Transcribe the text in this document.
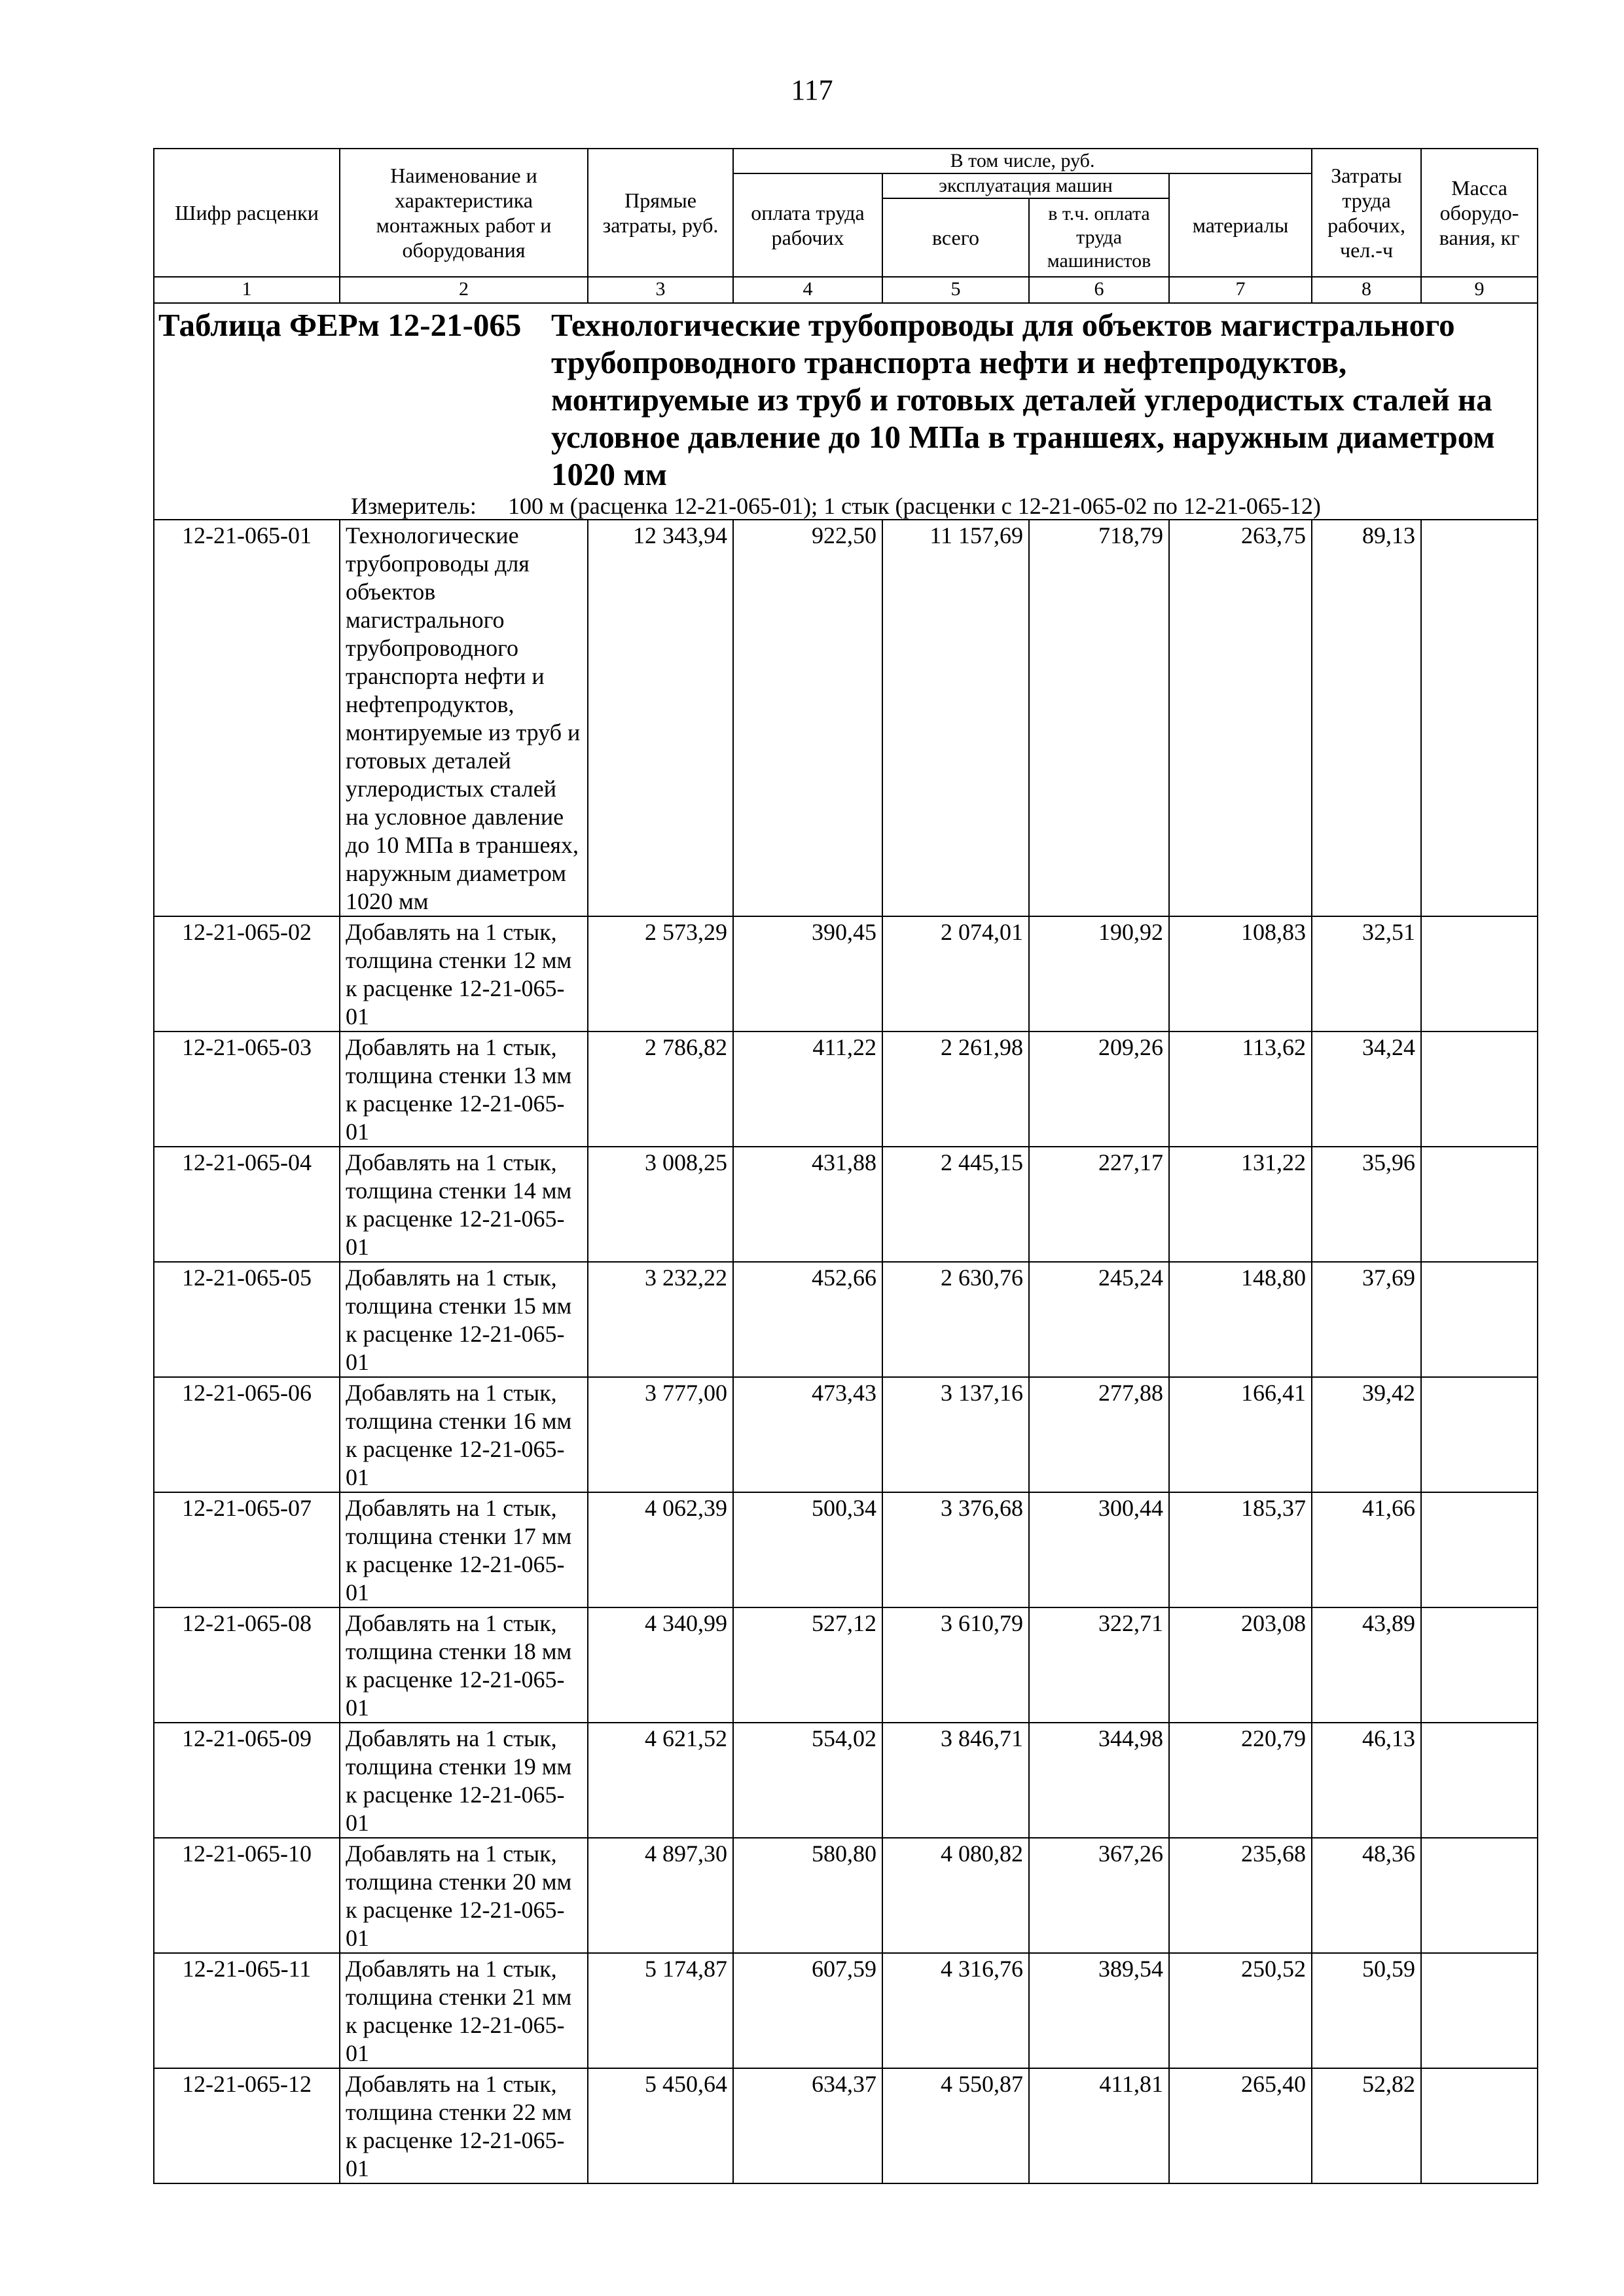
117
Шифр расценки	Наименование и характеристика монтажных работ и оборудования	Прямые затраты, руб.	В том числе, руб.				Затраты труда рабочих, чел.-ч	Масса оборудо-вания, кг
			оплата труда рабочих	эксплуатация машин		материалы		
				всего	в т.ч. оплата труда машинистов			
1	2	3	4	5	6	7	8	9

Таблица ФЕРм 12-21-065 Технологические трубопроводы для объектов магистрального трубопроводного транспорта нефти и нефтепродуктов, монтируемые из труб и готовых деталей углеродистых сталей на условное давление до 10 МПа в траншеях, наружным диаметром 1020 мм
Измеритель: 100 м (расценка 12-21-065-01); 1 стык (расценки с 12-21-065-02 по 12-21-065-12)								

12-21-065-01	Технологические трубопроводы для объектов магистрального трубопроводного транспорта нефти и нефтепродуктов, монтируемые из труб и готовых деталей углеродистых сталей на условное давление до 10 МПа в траншеях, наружным диаметром 1020 мм	12 343,94	922,50	11 157,69	718,79	263,75	89,13	
12-21-065-02	Добавлять на 1 стык, толщина стенки 12 мм к расценке 12-21-065-01	2 573,29	390,45	2 074,01	190,92	108,83	32,51	
12-21-065-03	Добавлять на 1 стык, толщина стенки 13 мм к расценке 12-21-065-01	2 786,82	411,22	2 261,98	209,26	113,62	34,24	
12-21-065-04	Добавлять на 1 стык, толщина стенки 14 мм к расценке 12-21-065-01	3 008,25	431,88	2 445,15	227,17	131,22	35,96	
12-21-065-05	Добавлять на 1 стык, толщина стенки 15 мм к расценке 12-21-065-01	3 232,22	452,66	2 630,76	245,24	148,80	37,69	
12-21-065-06	Добавлять на 1 стык, толщина стенки 16 мм к расценке 12-21-065-01	3 777,00	473,43	3 137,16	277,88	166,41	39,42	
12-21-065-07	Добавлять на 1 стык, толщина стенки 17 мм к расценке 12-21-065-01	4 062,39	500,34	3 376,68	300,44	185,37	41,66	
12-21-065-08	Добавлять на 1 стык, толщина стенки 18 мм к расценке 12-21-065-01	4 340,99	527,12	3 610,79	322,71	203,08	43,89	
12-21-065-09	Добавлять на 1 стык, толщина стенки 19 мм к расценке 12-21-065-01	4 621,52	554,02	3 846,71	344,98	220,79	46,13	
12-21-065-10	Добавлять на 1 стык, толщина стенки 20 мм к расценке 12-21-065-01	4 897,30	580,80	4 080,82	367,26	235,68	48,36	
12-21-065-11	Добавлять на 1 стык, толщина стенки 21 мм к расценке 12-21-065-01	5 174,87	607,59	4 316,76	389,54	250,52	50,59	
12-21-065-12	Добавлять на 1 стык, толщина стенки 22 мм к расценке 12-21-065-01	5 450,64	634,37	4 550,87	411,81	265,40	52,82	
